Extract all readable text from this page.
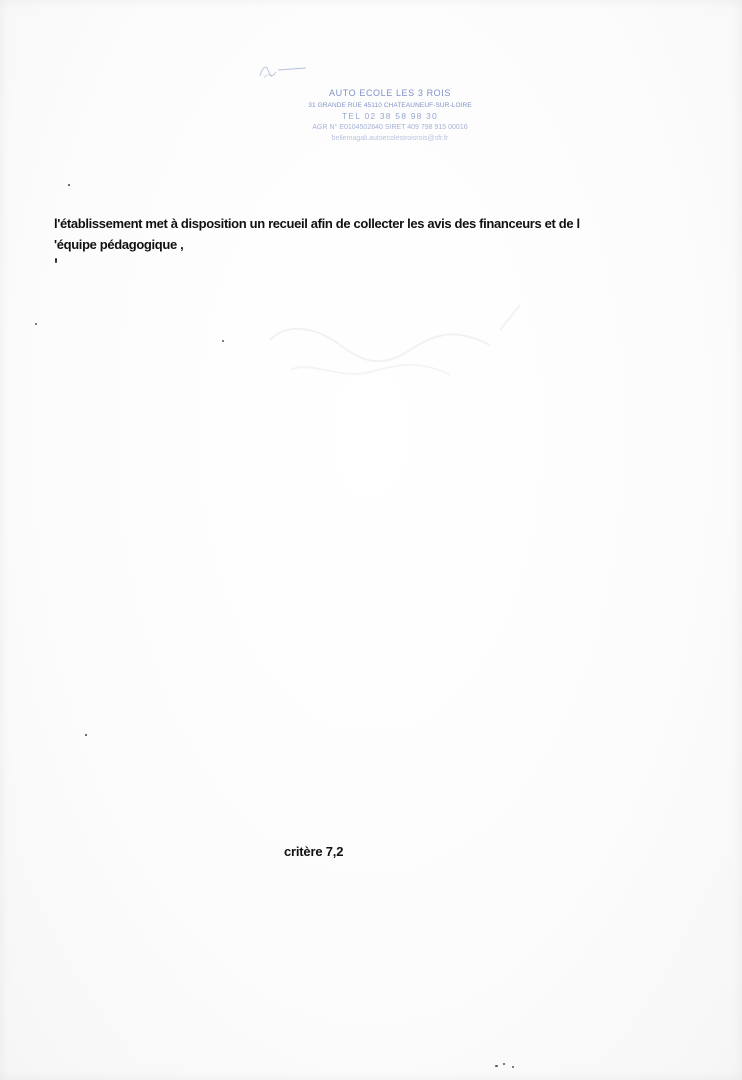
AUTO ECOLE LES 3 ROIS
31 GRANDE RUE 45110 CHATEAUNEUF-SUR-LOIRE
TEL 02 38 58 98 30
AGR N° E0104502640 SIRET 409 798 915 00016
bellemagali.autoecolestroisrois@sfr.fr
l'établissement met à disposition un recueil afin de collecter les avis des financeurs et de l
'équipe pédagogique ,
critère 7,2
